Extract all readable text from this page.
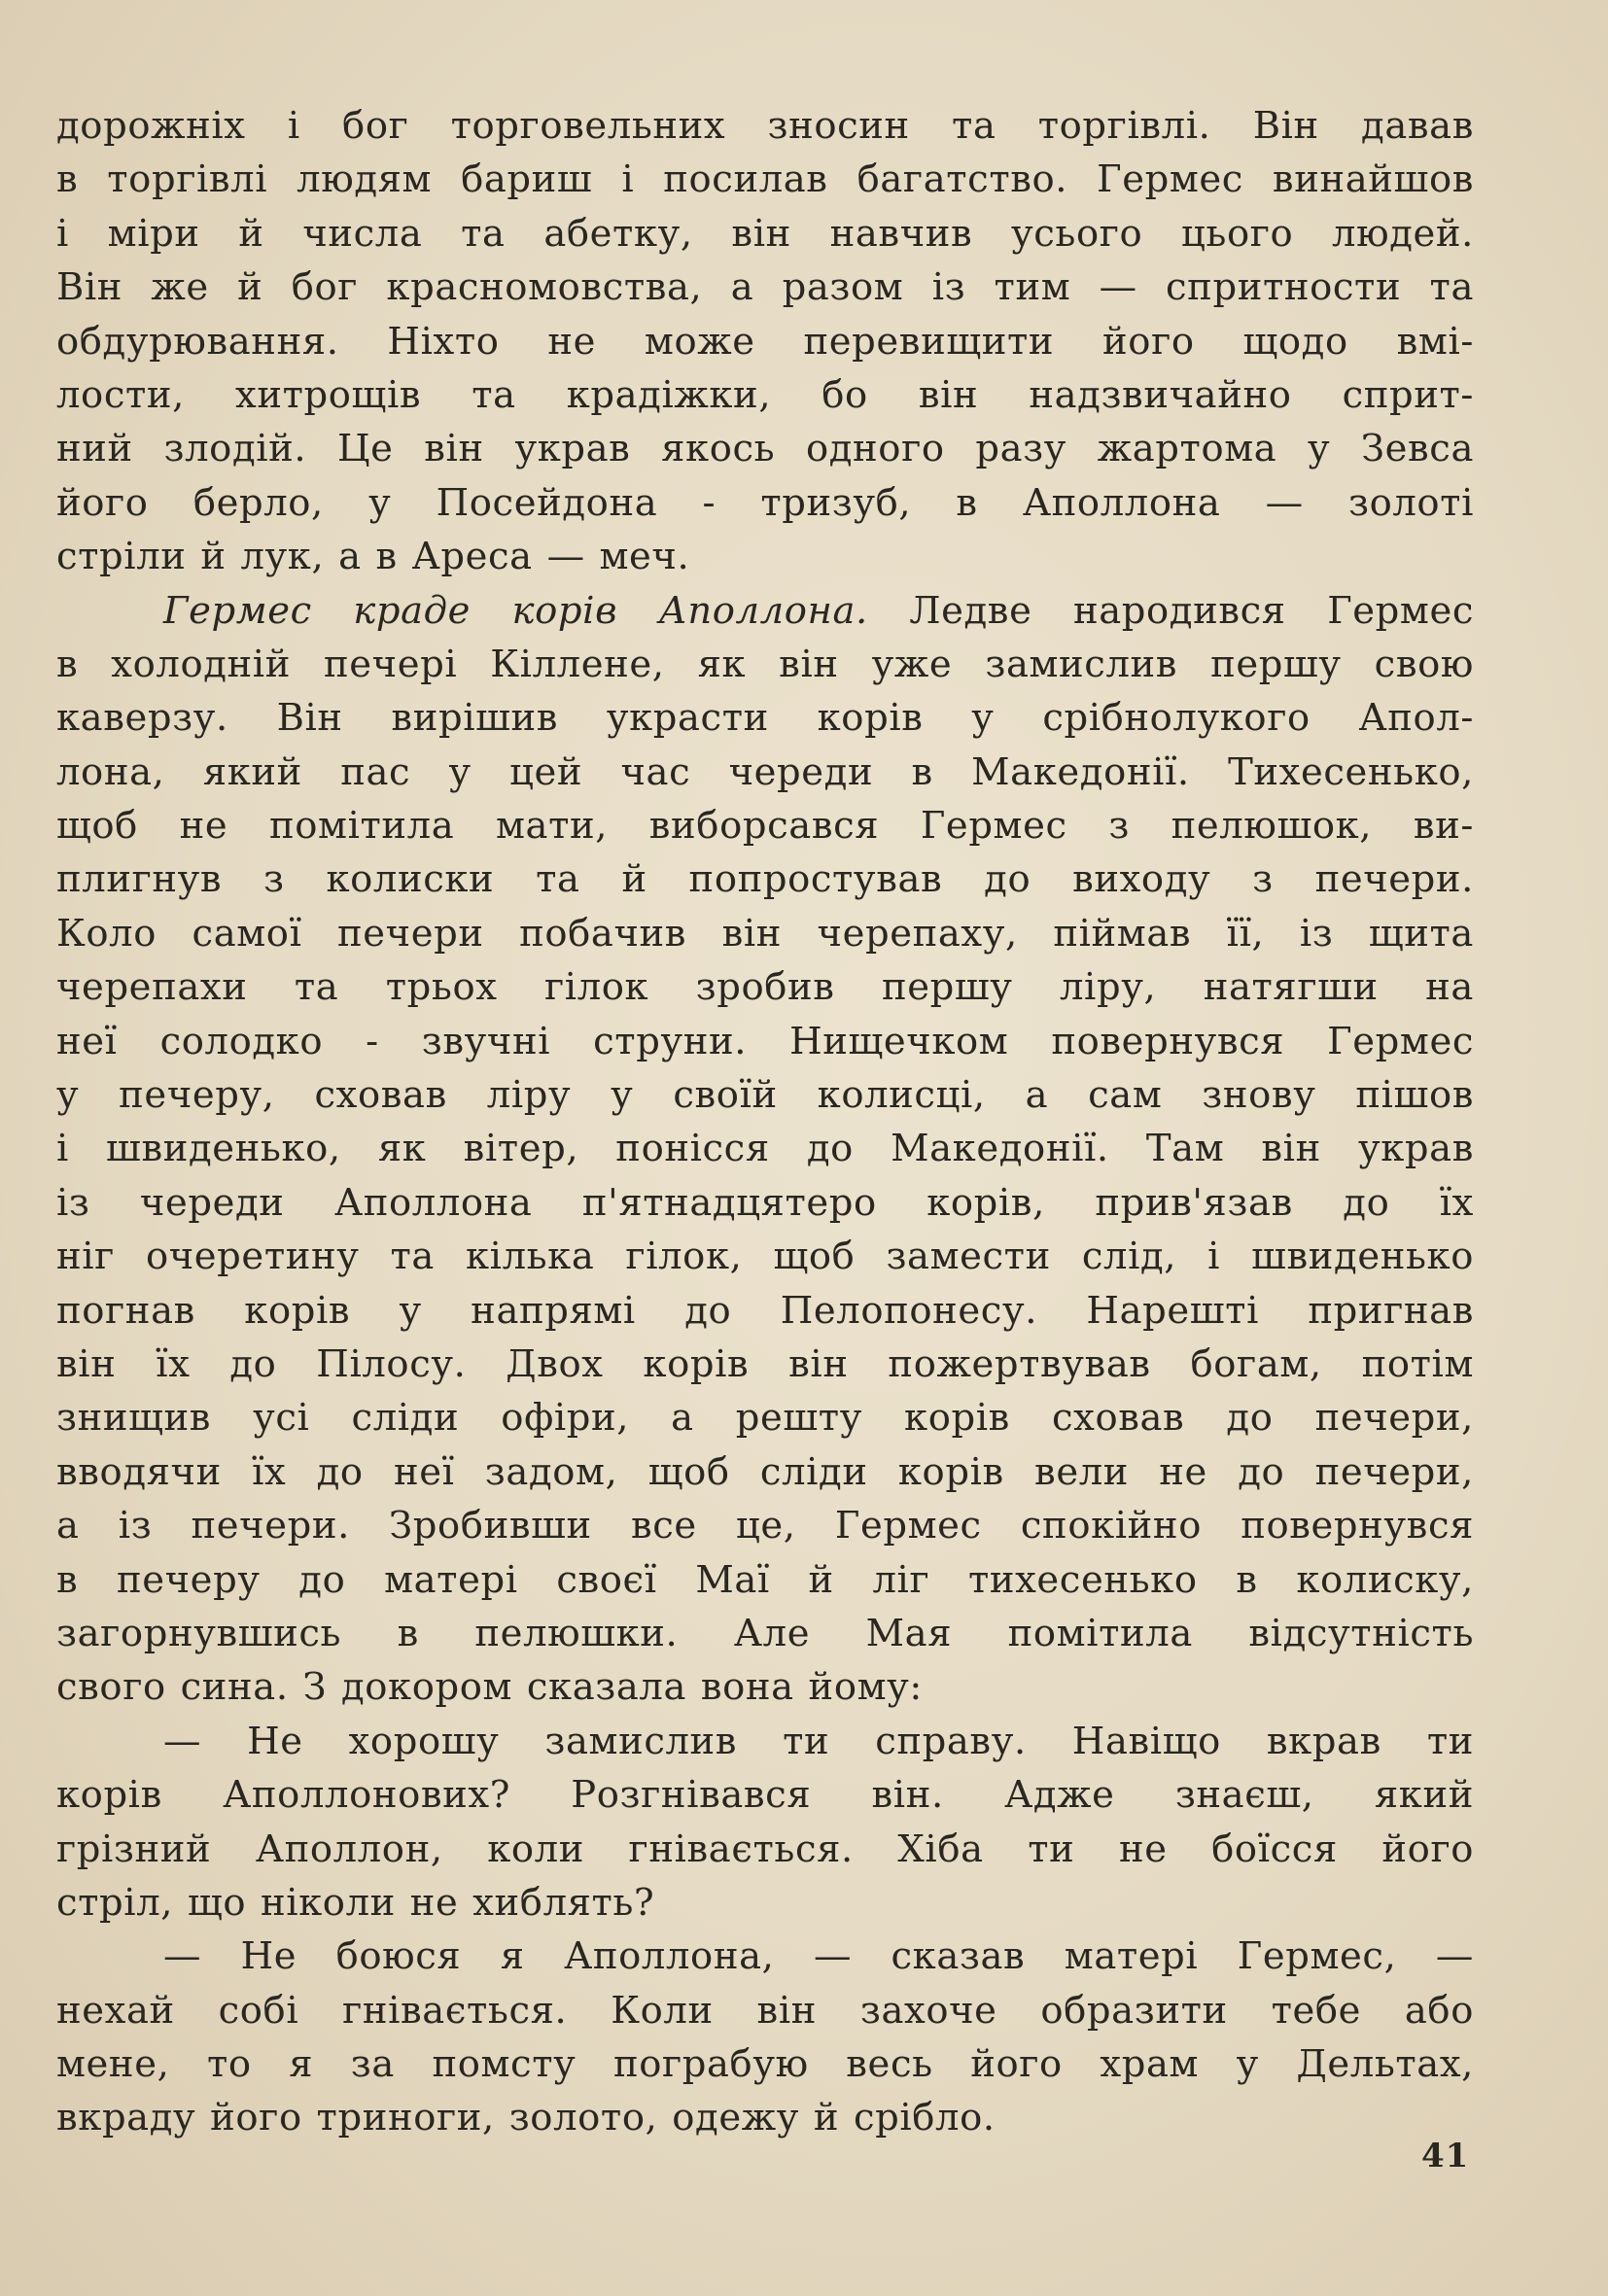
дорожніх і бог торговельних зносин та торгівлі. Він давав
в торгівлі людям бариш і посилав багатство. Гермес винайшов
і міри й числа та абетку, він навчив усього цього людей.
Він же й бог красномовства, а разом із тим — спритности та
обдурювання. Ніхто не може перевищити його щодо вмі-
лости, хитрощів та крадіжки, бо він надзвичайно сприт-
ний злодій. Це він украв якось одного разу жартома у Зевса
його берло, у Посейдона - тризуб, в Аполлона — золоті
стріли й лук, а в Ареса — меч.
Гермес краде корів Аполлона. Ледве народився Гермес
в холодній печері Кіллене, як він уже замислив першу свою
каверзу. Він вирішив украсти корів у срібнолукого Апол-
лона, який пас у цей час череди в Македонії. Тихесенько,
щоб не помітила мати, виборсався Гермес з пелюшок, ви-
плигнув з колиски та й попростував до виходу з печери.
Коло самої печери побачив він черепаху, піймав її, із щита
черепахи та трьох гілок зробив першу ліру, натягши на
неї солодко - звучні струни. Нищечком повернувся Гермес
у печеру, сховав ліру у своїй колисці, а сам знову пішов
і швиденько, як вітер, понісся до Македонії. Там він украв
із череди Аполлона п'ятнадцятеро корів, прив'язав до їх
ніг очеретину та кілька гілок, щоб замести слід, і швиденько
погнав корів у напрямі до Пелопонесу. Нарешті пригнав
він їх до Пілосу. Двох корів він пожертвував богам, потім
знищив усі сліди офіри, а решту корів сховав до печери,
вводячи їх до неї задом, щоб сліди корів вели не до печери,
а із печери. Зробивши все це, Гермес спокійно повернувся
в печеру до матері своєї Маї й ліг тихесенько в колиску,
загорнувшись в пелюшки. Але Мая помітила відсутність
свого сина. З докором сказала вона йому:
— Не хорошу замислив ти справу. Навіщо вкрав ти
корів Аполлонових? Розгнівався він. Адже знаєш, який
грізний Аполлон, коли гнівається. Хіба ти не боїсся його
стріл, що ніколи не хиблять?
— Не боюся я Аполлона, — сказав матері Гермес, —
нехай собі гнівається. Коли він захоче образити тебе або
мене, то я за помсту пограбую весь його храм у Дельтах,
вкраду його триноги, золото, одежу й срібло.
41
